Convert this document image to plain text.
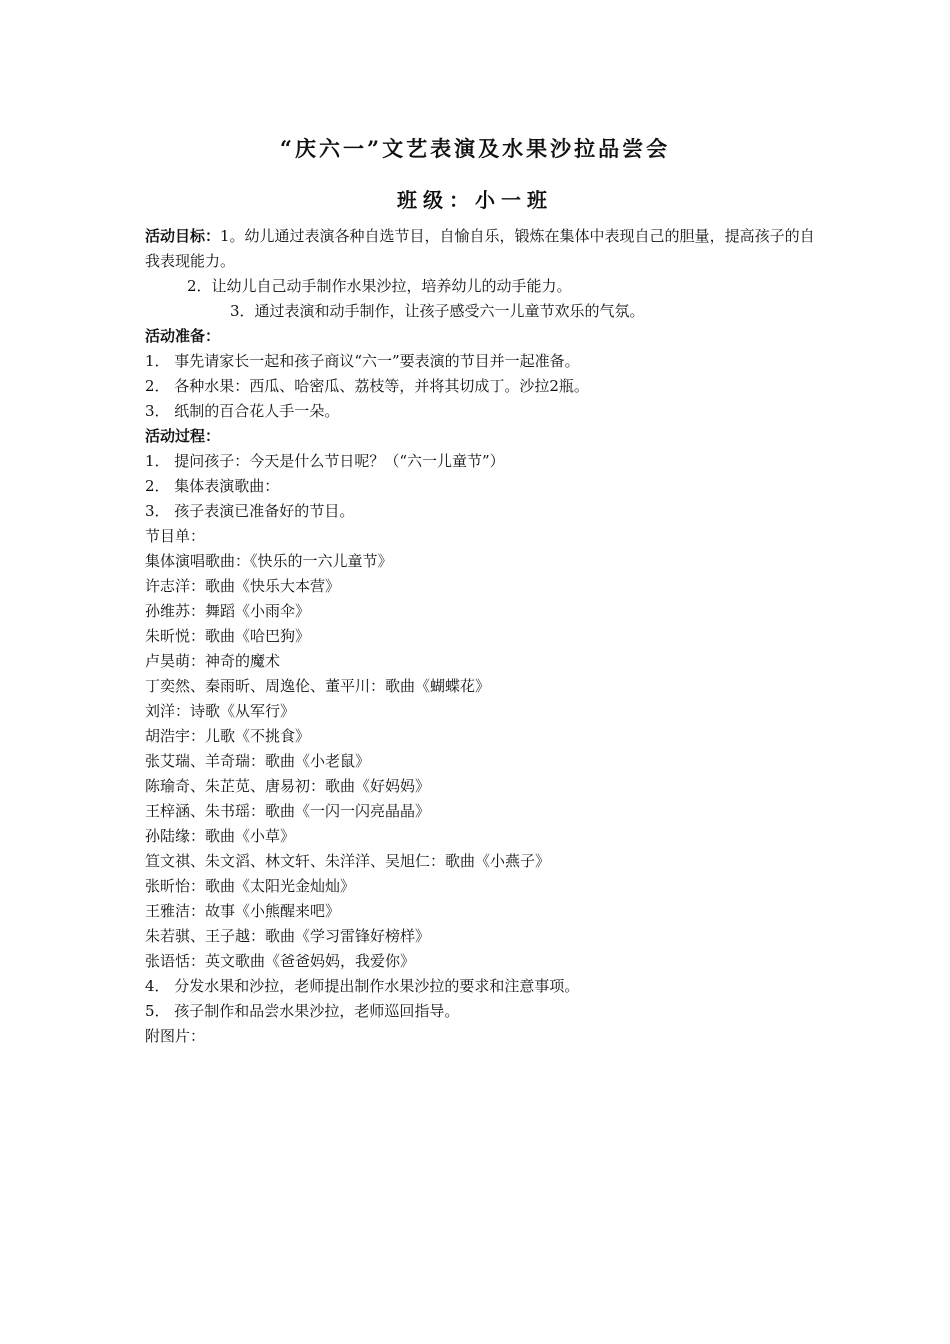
“庆六一”文艺表演及水果沙拉品尝会
班级：小一班
活动目标：1。幼儿通过表演各种自选节目，自愉自乐，锻炼在集体中表现自己的胆量，提高孩子的自我表现能力。
2．让幼儿自己动手制作水果沙拉，培养幼儿的动手能力。
3．通过表演和动手制作，让孩子感受六一儿童节欢乐的气氛。
活动准备：
1． 事先请家长一起和孩子商议“六一”要表演的节目并一起准备。
2． 各种水果：西瓜、哈密瓜、荔枝等，并将其切成丁。沙拉2瓶。
3． 纸制的百合花人手一朵。
活动过程：
1． 提问孩子：今天是什么节日呢？（“六一儿童节”）
2． 集体表演歌曲：
3． 孩子表演已准备好的节目。
节目单：
集体演唱歌曲：《快乐的一六儿童节》
许志洋：歌曲《快乐大本营》
孙维苏：舞蹈《小雨伞》
朱昕悦：歌曲《哈巴狗》
卢昊萌：神奇的魔术
丁奕然、秦雨昕、周逸伦、董平川：歌曲《蝴蝶花》
刘洋：诗歌《从军行》
胡浩宇：儿歌《不挑食》
张艾瑞、羊奇瑞：歌曲《小老鼠》
陈瑜奇、朱芷苋、唐易初：歌曲《好妈妈》
王梓涵、朱书瑶：歌曲《一闪一闪亮晶晶》
孙陆缘：歌曲《小草》
笪文祺、朱文滔、林文轩、朱洋洋、吴旭仁：歌曲《小燕子》
张昕怡：歌曲《太阳光金灿灿》
王雅洁：故事《小熊醒来吧》
朱若骐、王子越：歌曲《学习雷锋好榜样》
张语恬：英文歌曲《爸爸妈妈，我爱你》
4． 分发水果和沙拉，老师提出制作水果沙拉的要求和注意事项。
5． 孩子制作和品尝水果沙拉，老师巡回指导。
附图片：
